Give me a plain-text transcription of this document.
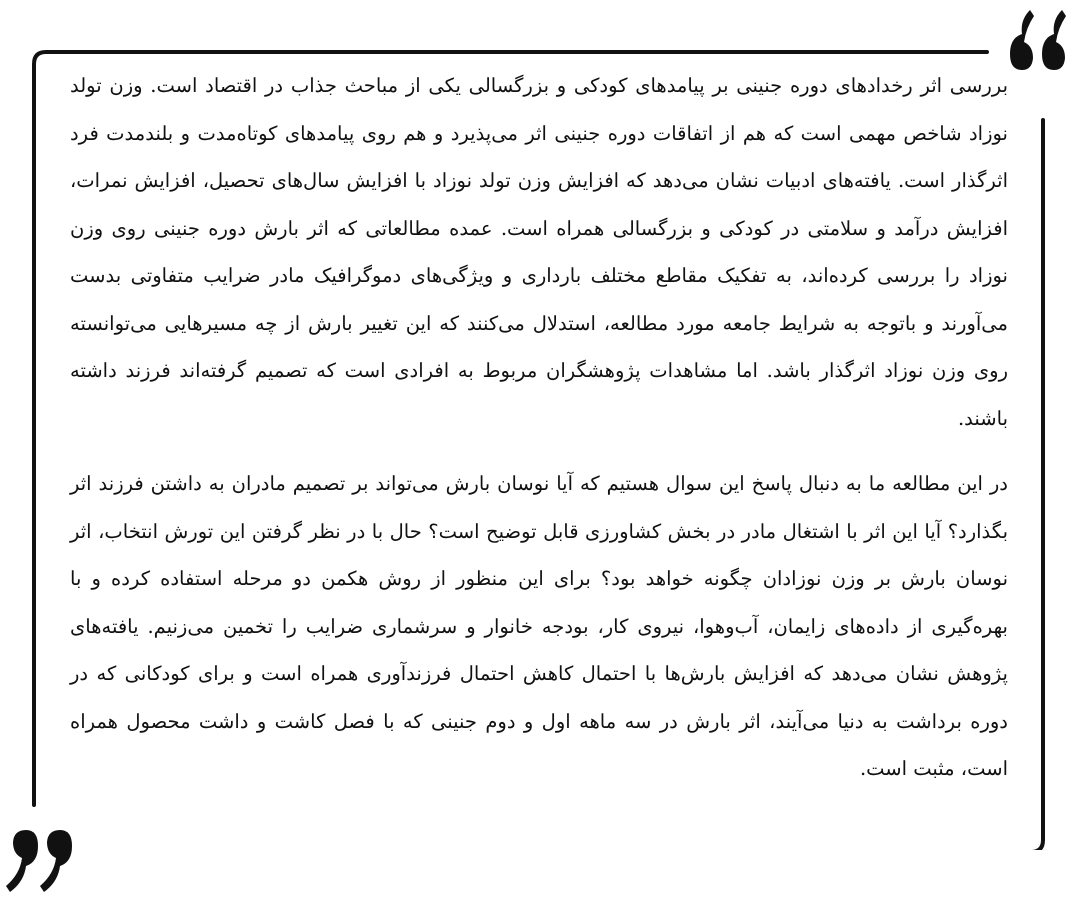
بررسی اثر رخدادهای دوره جنینی بر پیامدهای کودکی و بزرگسالی یکی از مباحث جذاب در اقتصاد است. وزن تولد نوزاد شاخص مهمی است که هم از اتفاقات دوره جنینی اثر می‌پذیرد و هم روی پیامدهای کوتاه‌مدت و بلندمدت فرد اثرگذار است. یافته‌های ادبیات نشان می‌دهد که افزایش وزن تولد نوزاد با افزایش سال‌های تحصیل، افزایش نمرات، افزایش درآمد و سلامتی در کودکی و بزرگسالی همراه است. عمده مطالعاتی که اثر بارش دوره جنینی روی وزن نوزاد را بررسی کرده‌اند، به تفکیک مقاطع مختلف بارداری و ویژگی‌های دموگرافیک مادر ضرایب متفاوتی بدست می‌آورند و باتوجه به شرایط جامعه مورد مطالعه، استدلال می‌کنند که این تغییر بارش از چه مسیرهایی می‌توانسته روی وزن نوزاد اثرگذار باشد. اما مشاهدات پژوهشگران مربوط به افرادی است که تصمیم گرفته‌اند فرزند داشته باشند.

در این مطالعه ما به دنبال پاسخ این سوال هستیم که آیا نوسان بارش می‌تواند بر تصمیم مادران به داشتن فرزند اثر بگذارد؟ آیا این اثر با اشتغال مادر در بخش کشاورزی قابل توضیح است؟ حال با در نظر گرفتن این تورش انتخاب، اثر نوسان بارش بر وزن نوزادان چگونه خواهد بود؟ برای این منظور از روش هکمن دو مرحله استفاده کرده و با بهره‌گیری از داده‌های زایمان، آب‌وهوا، نیروی کار، بودجه خانوار و سرشماری ضرایب را تخمین می‌زنیم. یافته‌های پژوهش نشان می‌دهد که افزایش بارش‌ها با احتمال کاهش احتمال فرزندآوری همراه است و برای کودکانی که در دوره برداشت به دنیا می‌آیند، اثر بارش در سه ماهه اول و دوم جنینی که با فصل کاشت و داشت محصول همراه است، مثبت است.
